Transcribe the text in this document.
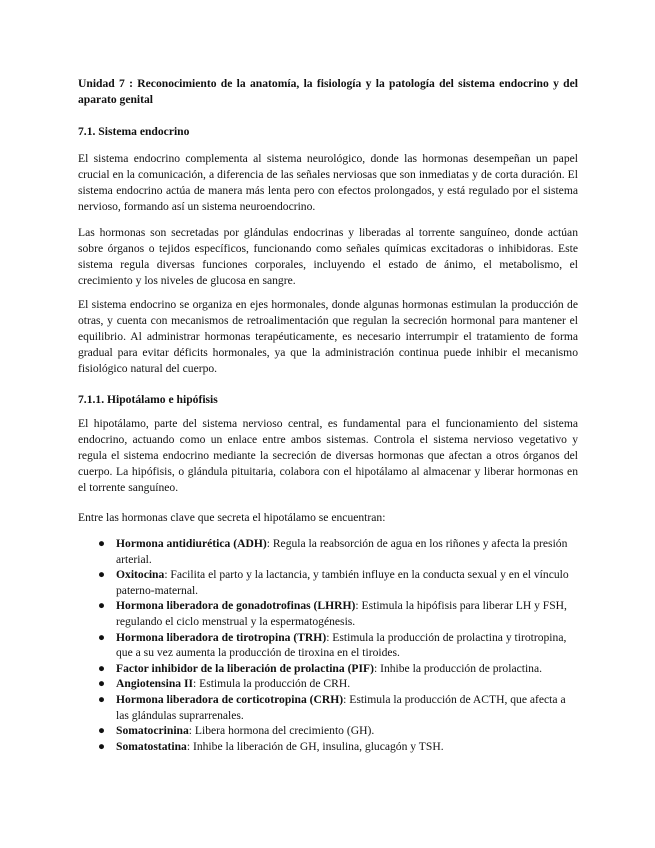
Unidad 7 : Reconocimiento de la anatomía, la fisiología y la patología del sistema endocrino y del aparato genital

7.1. Sistema endocrino

El sistema endocrino complementa al sistema neurológico, donde las hormonas desempeñan un papel crucial en la comunicación, a diferencia de las señales nerviosas que son inmediatas y de corta duración. El sistema endocrino actúa de manera más lenta pero con efectos prolongados, y está regulado por el sistema nervioso, formando así un sistema neuroendocrino.

Las hormonas son secretadas por glándulas endocrinas y liberadas al torrente sanguíneo, donde actúan sobre órganos o tejidos específicos, funcionando como señales químicas excitadoras o inhibidoras. Este sistema regula diversas funciones corporales, incluyendo el estado de ánimo, el metabolismo, el crecimiento y los niveles de glucosa en sangre.

El sistema endocrino se organiza en ejes hormonales, donde algunas hormonas estimulan la producción de otras, y cuenta con mecanismos de retroalimentación que regulan la secreción hormonal para mantener el equilibrio. Al administrar hormonas terapéuticamente, es necesario interrumpir el tratamiento de forma gradual para evitar déficits hormonales, ya que la administración continua puede inhibir el mecanismo fisiológico natural del cuerpo.

7.1.1. Hipotálamo e hipófisis

El hipotálamo, parte del sistema nervioso central, es fundamental para el funcionamiento del sistema endocrino, actuando como un enlace entre ambos sistemas. Controla el sistema nervioso vegetativo y regula el sistema endocrino mediante la secreción de diversas hormonas que afectan a otros órganos del cuerpo. La hipófisis, o glándula pituitaria, colabora con el hipotálamo al almacenar y liberar hormonas en el torrente sanguíneo.

Entre las hormonas clave que secreta el hipotálamo se encuentran:

● Hormona antidiurética (ADH): Regula la reabsorción de agua en los riñones y afecta la presión arterial.
● Oxitocina: Facilita el parto y la lactancia, y también influye en la conducta sexual y en el vínculo paterno-maternal.
● Hormona liberadora de gonadotrofinas (LHRH): Estimula la hipófisis para liberar LH y FSH, regulando el ciclo menstrual y la espermatogénesis.
● Hormona liberadora de tirotropina (TRH): Estimula la producción de prolactina y tirotropina, que a su vez aumenta la producción de tiroxina en el tiroides.
● Factor inhibidor de la liberación de prolactina (PIF): Inhibe la producción de prolactina.
● Angiotensina II: Estimula la producción de CRH.
● Hormona liberadora de corticotropina (CRH): Estimula la producción de ACTH, que afecta a las glándulas suprarrenales.
● Somatocrinina: Libera hormona del crecimiento (GH).
● Somatostatina: Inhibe la liberación de GH, insulina, glucagón y TSH.
